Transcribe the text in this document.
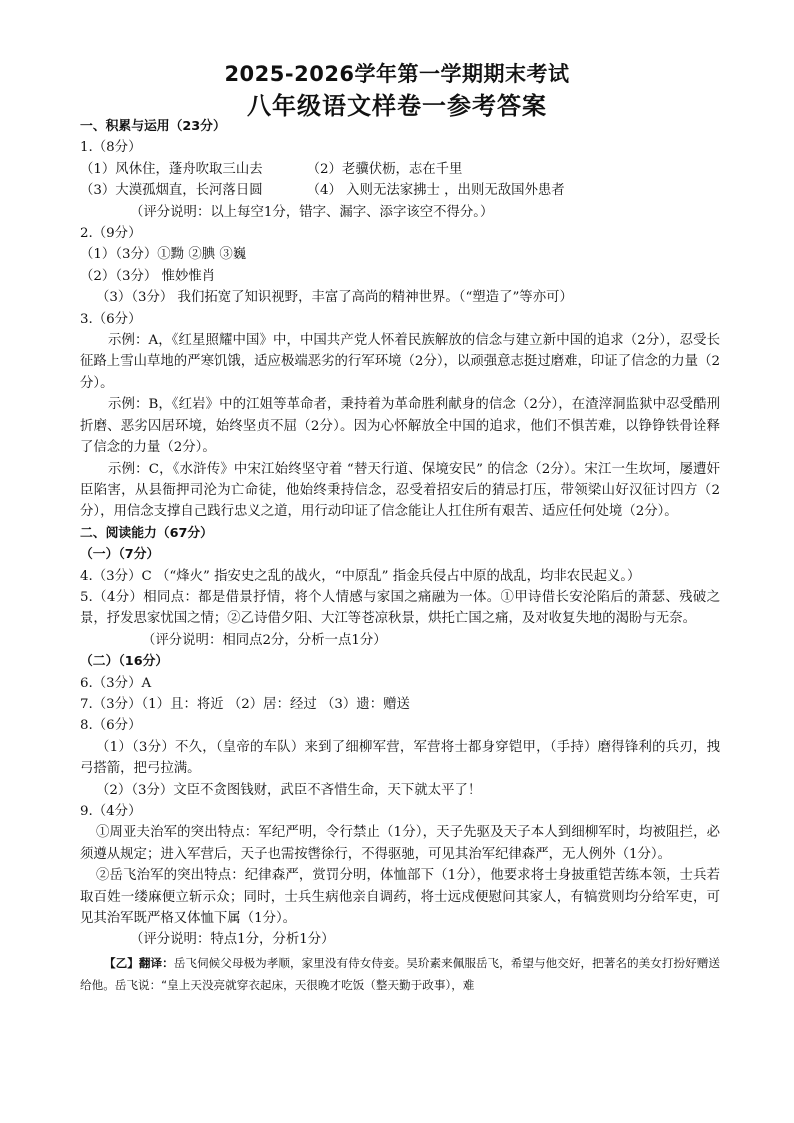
2025-2026学年第一学期期末考试
八年级语文样卷一参考答案
一、积累与运用（23分）
1.（8分）
（1）风休住，蓬舟吹取三山去	（2）老骥伏枥，志在千里
（3）大漠孤烟直，长河落日圆	（4） 入则无法家拂士 ，出则无敌国外患者
（评分说明：以上每空1分，错字、漏字、添字该空不得分。）
2.（9分）
（1）（3分）①黝 ②腆 ③巍
（2）（3分） 惟妙惟肖
（3）（3分） 我们拓宽了知识视野，丰富了高尚的精神世界。（“塑造了”等亦可）
3.（6分）
示例：A，《红星照耀中国》中，中国共产党人怀着民族解放的信念与建立新中国的追求（2分），忍受长征路上雪山草地的严寒饥饿，适应极端恶劣的行军环境（2分），以顽强意志挺过磨难，印证了信念的力量（2分）。
示例：B，《红岩》中的江姐等革命者，秉持着为革命胜利献身的信念（2分），在渣滓洞监狱中忍受酷刑折磨、恶劣囚居环境，始终坚贞不屈（2分）。因为心怀解放全中国的追求，他们不惧苦难，以铮铮铁骨诠释了信念的力量（2分）。
示例：C，《水浒传》中宋江始终坚守着 “替天行道、保境安民” 的信念（2分）。宋江一生坎坷，屡遭奸臣陷害，从县衙押司沦为亡命徒，他始终秉持信念，忍受着招安后的猜忌打压，带领梁山好汉征讨四方（2分），用信念支撑自己践行忠义之道，用行动印证了信念能让人扛住所有艰苦、适应任何处境（2分）。
二、阅读能力（67分）
（一）（7分）
4.（3分）C （“烽火” 指安史之乱的战火，“中原乱” 指金兵侵占中原的战乱，均非农民起义。）
5.（4分）相同点：都是借景抒情，将个人情感与家国之痛融为一体。①甲诗借长安沦陷后的萧瑟、残破之景，抒发思家忧国之情；②乙诗借夕阳、大江等苍凉秋景，烘托亡国之痛，及对收复失地的渴盼与无奈。
（评分说明：相同点2分，分析一点1分）
（二）（16分）
6.（3分）A
7.（3分）（1）且：将近 （2）居：经过 （3）遗：赠送
8.（6分）
（1）（3分）不久，（皇帝的车队）来到了细柳军营，军营将士都身穿铠甲，（手持）磨得锋利的兵刃，拽弓搭箭，把弓拉满。
（2）（3分）文臣不贪图钱财，武臣不吝惜生命，天下就太平了！
9.（4分）
①周亚夫治军的突出特点：军纪严明，令行禁止（1分），天子先驱及天子本人到细柳军时，均被阻拦，必须遵从规定；进入军营后，天子也需按辔徐行，不得驱驰，可见其治军纪律森严，无人例外（1分）。
②岳飞治军的突出特点：纪律森严，赏罚分明，体恤部下（1分），他要求将士身披重铠苦练本领，士兵若取百姓一缕麻便立斩示众；同时，士兵生病他亲自调药，将士远戍便慰问其家人，有犒赏则均分给军吏，可见其治军既严格又体恤下属（1分）。
（评分说明：特点1分，分析1分）
【乙】翻译：岳飞伺候父母极为孝顺，家里没有侍女侍妾。吴玠素来佩服岳飞，希望与他交好，把著名的美女打扮好赠送给他。岳飞说：“皇上天没亮就穿衣起床，天很晚才吃饭（整天勤于政事），难
